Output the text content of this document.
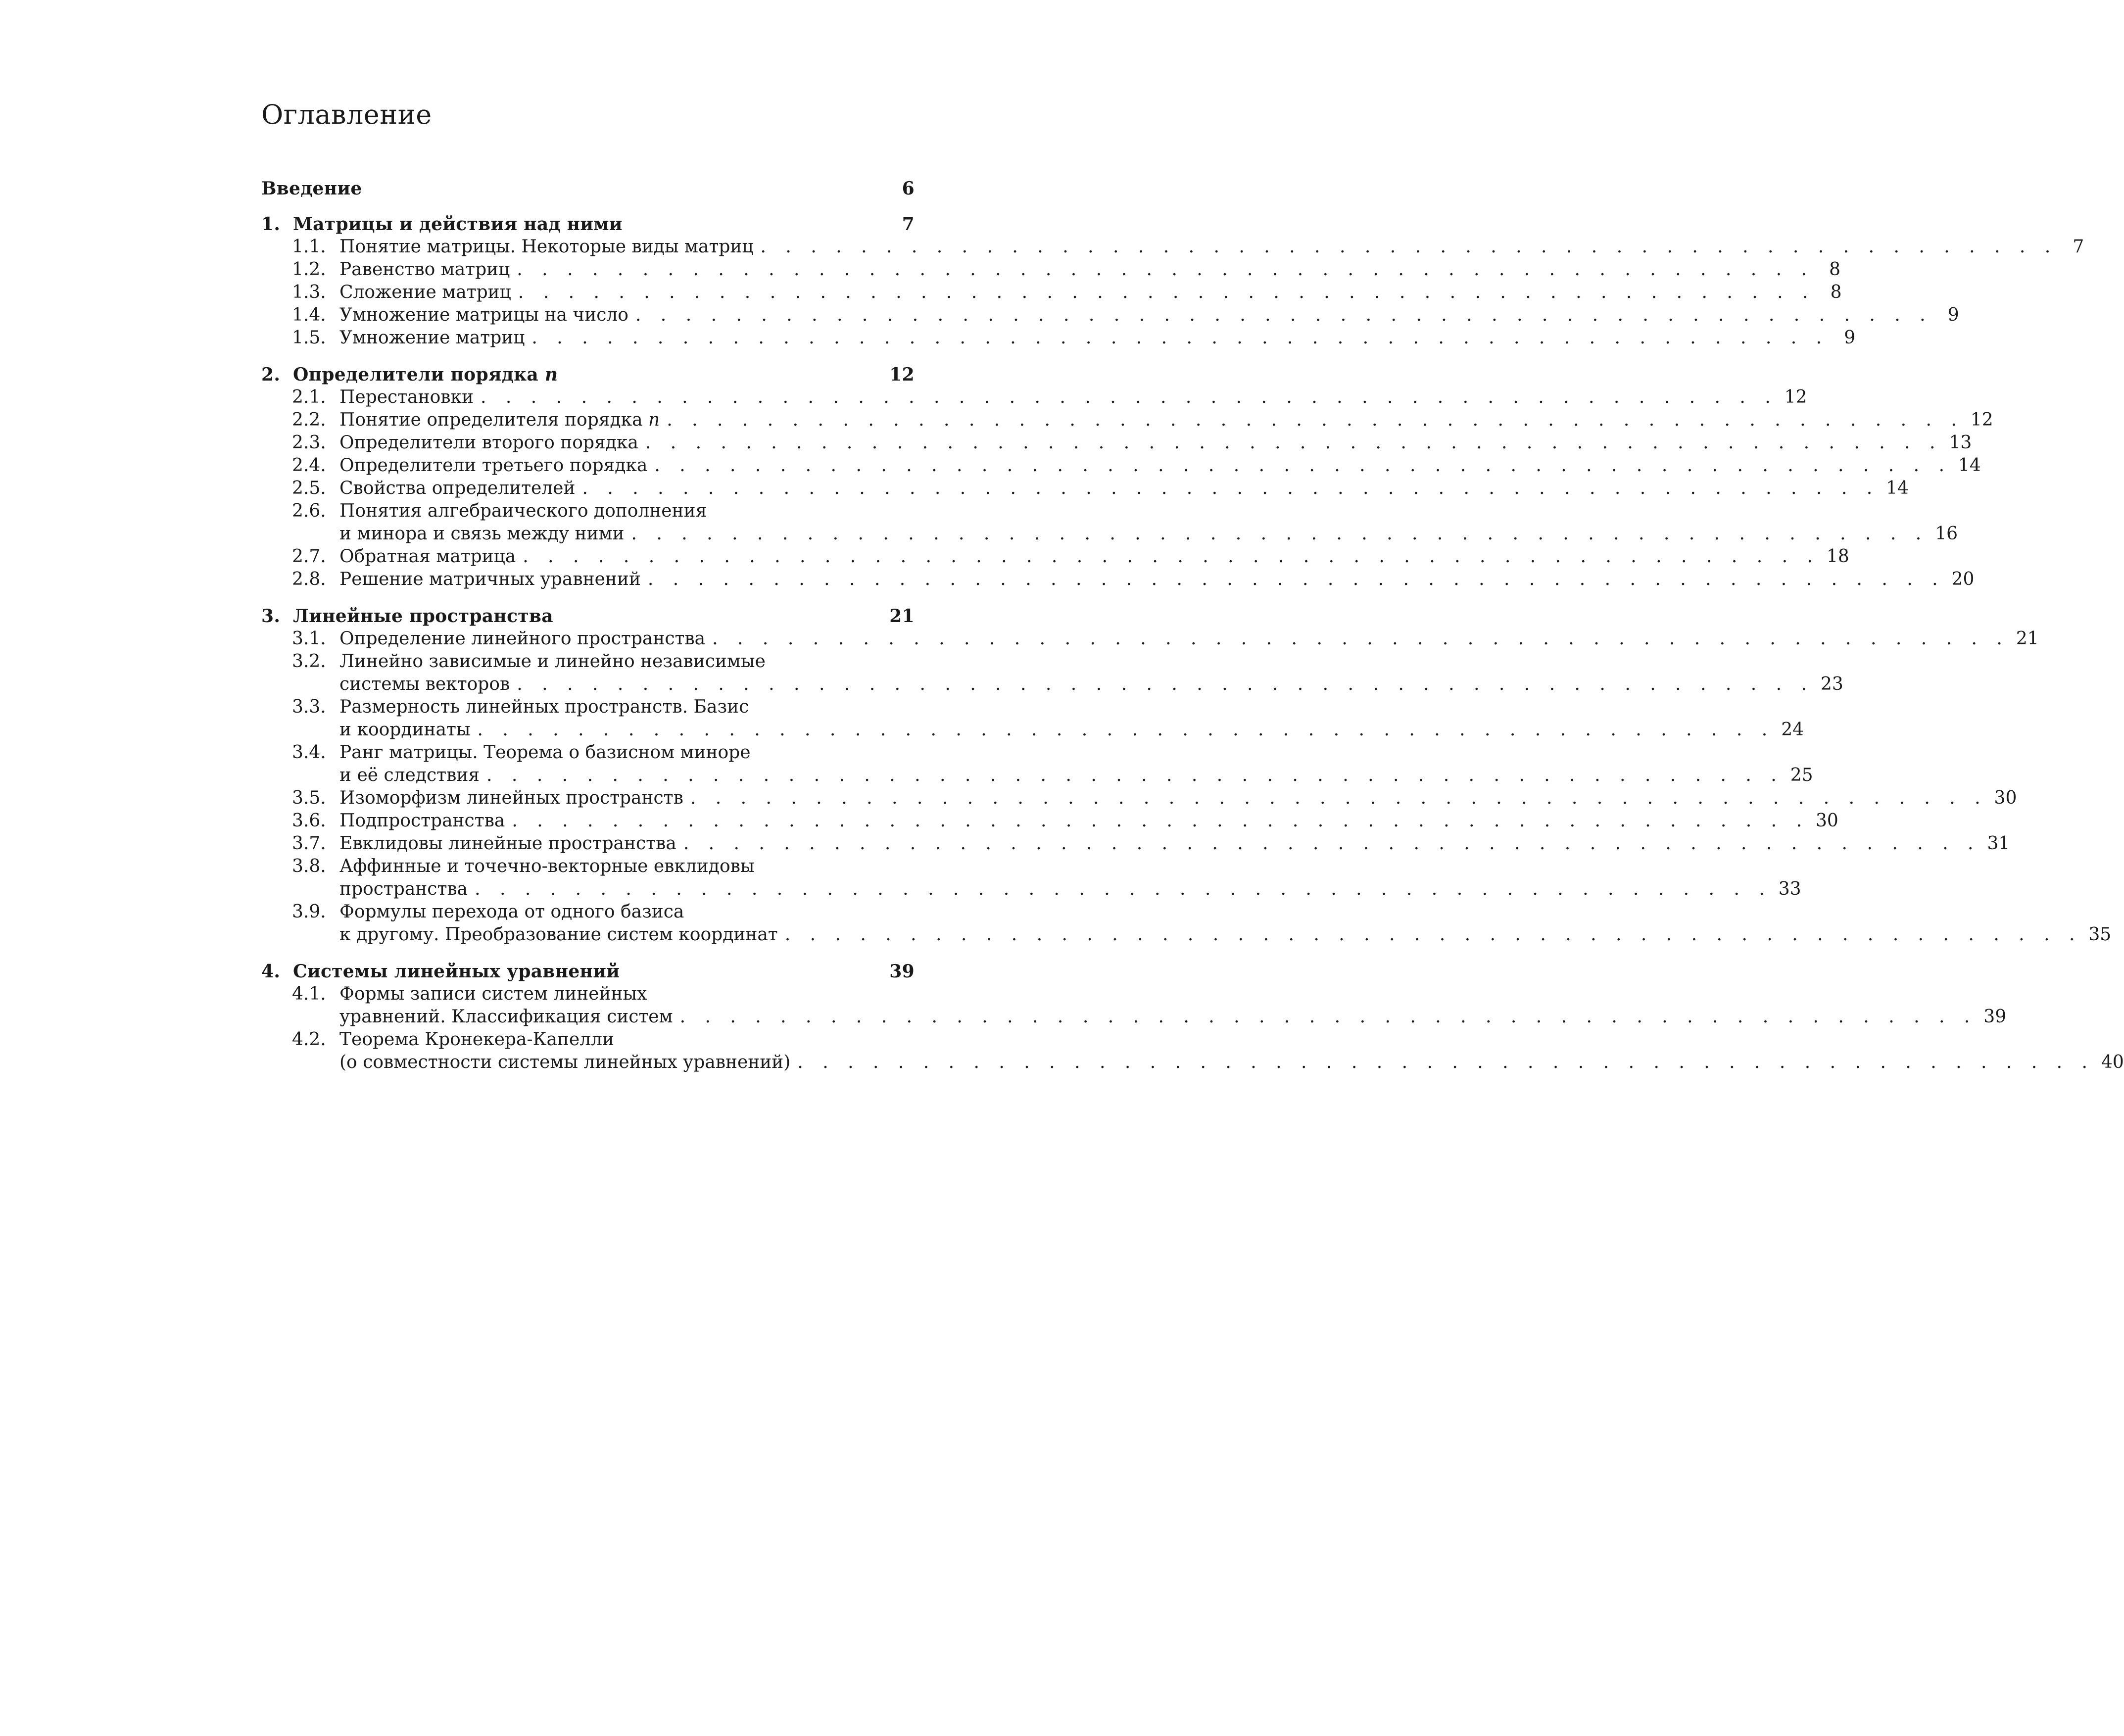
Оглавление
Введение	6
1. Матрицы и действия над ними	7
1.1. Понятие матрицы. Некоторые виды матриц . . . . . . . . . . . . . . . . . . . . . . . . . . . . . . . . . . . . . . . . . . . . . . . . . . . . 7
1.2. Равенство матриц . . . . . . . . . . . . . . . . . . . . . . . . . . . . . . . . . . . . . . . . . . . . . . . . . . . . 8
1.3. Сложение матриц . . . . . . . . . . . . . . . . . . . . . . . . . . . . . . . . . . . . . . . . . . . . . . . . . . . . 8
1.4. Умножение матрицы на число . . . . . . . . . . . . . . . . . . . . . . . . . . . . . . . . . . . . . . . . . . . . . . . . . . . . 9
1.5. Умножение матриц . . . . . . . . . . . . . . . . . . . . . . . . . . . . . . . . . . . . . . . . . . . . . . . . . . . . 9
2. Определители порядка n	12
2.1. Перестановки . . . . . . . . . . . . . . . . . . . . . . . . . . . . . . . . . . . . . . . . . . . . . . . . . . . . 12
2.2. Понятие определителя порядка n . . . . . . . . . . . . . . . . . . . . . . . . . . . . . . . . . . . . . . . . . . . . . . . . . . . . 12
2.3. Определители второго порядка . . . . . . . . . . . . . . . . . . . . . . . . . . . . . . . . . . . . . . . . . . . . . . . . . . . . 13
2.4. Определители третьего порядка . . . . . . . . . . . . . . . . . . . . . . . . . . . . . . . . . . . . . . . . . . . . . . . . . . . . 14
2.5. Свойства определителей . . . . . . . . . . . . . . . . . . . . . . . . . . . . . . . . . . . . . . . . . . . . . . . . . . . . 14
2.6. Понятия алгебраического дополнения
и минора и связь между ними . . . . . . . . . . . . . . . . . . . . . . . . . . . . . . . . . . . . . . . . . . . . . . . . . . . . 16
2.7. Обратная матрица . . . . . . . . . . . . . . . . . . . . . . . . . . . . . . . . . . . . . . . . . . . . . . . . . . . . 18
2.8. Решение матричных уравнений . . . . . . . . . . . . . . . . . . . . . . . . . . . . . . . . . . . . . . . . . . . . . . . . . . . . 20
3. Линейные пространства	21
3.1. Определение линейного пространства . . . . . . . . . . . . . . . . . . . . . . . . . . . . . . . . . . . . . . . . . . . . . . . . . . . . 21
3.2. Линейно зависимые и линейно независимые
системы векторов . . . . . . . . . . . . . . . . . . . . . . . . . . . . . . . . . . . . . . . . . . . . . . . . . . . . 23
3.3. Размерность линейных пространств. Базис
и координаты . . . . . . . . . . . . . . . . . . . . . . . . . . . . . . . . . . . . . . . . . . . . . . . . . . . . 24
3.4. Ранг матрицы. Теорема о базисном миноре
и её следствия . . . . . . . . . . . . . . . . . . . . . . . . . . . . . . . . . . . . . . . . . . . . . . . . . . . . 25
3.5. Изоморфизм линейных пространств . . . . . . . . . . . . . . . . . . . . . . . . . . . . . . . . . . . . . . . . . . . . . . . . . . . . 30
3.6. Подпространства . . . . . . . . . . . . . . . . . . . . . . . . . . . . . . . . . . . . . . . . . . . . . . . . . . . . 30
3.7. Евклидовы линейные пространства . . . . . . . . . . . . . . . . . . . . . . . . . . . . . . . . . . . . . . . . . . . . . . . . . . . . 31
3.8. Аффинные и точечно-векторные евклидовы
пространства . . . . . . . . . . . . . . . . . . . . . . . . . . . . . . . . . . . . . . . . . . . . . . . . . . . . 33
3.9. Формулы перехода от одного базиса
к другому. Преобразование систем координат . . . . . . . . . . . . . . . . . . . . . . . . . . . . . . . . . . . . . . . . . . . . . . . . . . . . 35
4. Системы линейных уравнений	39
4.1. Формы записи систем линейных
уравнений. Классификация систем . . . . . . . . . . . . . . . . . . . . . . . . . . . . . . . . . . . . . . . . . . . . . . . . . . . . 39
4.2. Теорема Кронекера-Капелли
(о совместности системы линейных уравнений) . . . . . . . . . . . . . . . . . . . . . . . . . . . . . . . . . . . . . . . . . . . . . . . . . . . . 40
